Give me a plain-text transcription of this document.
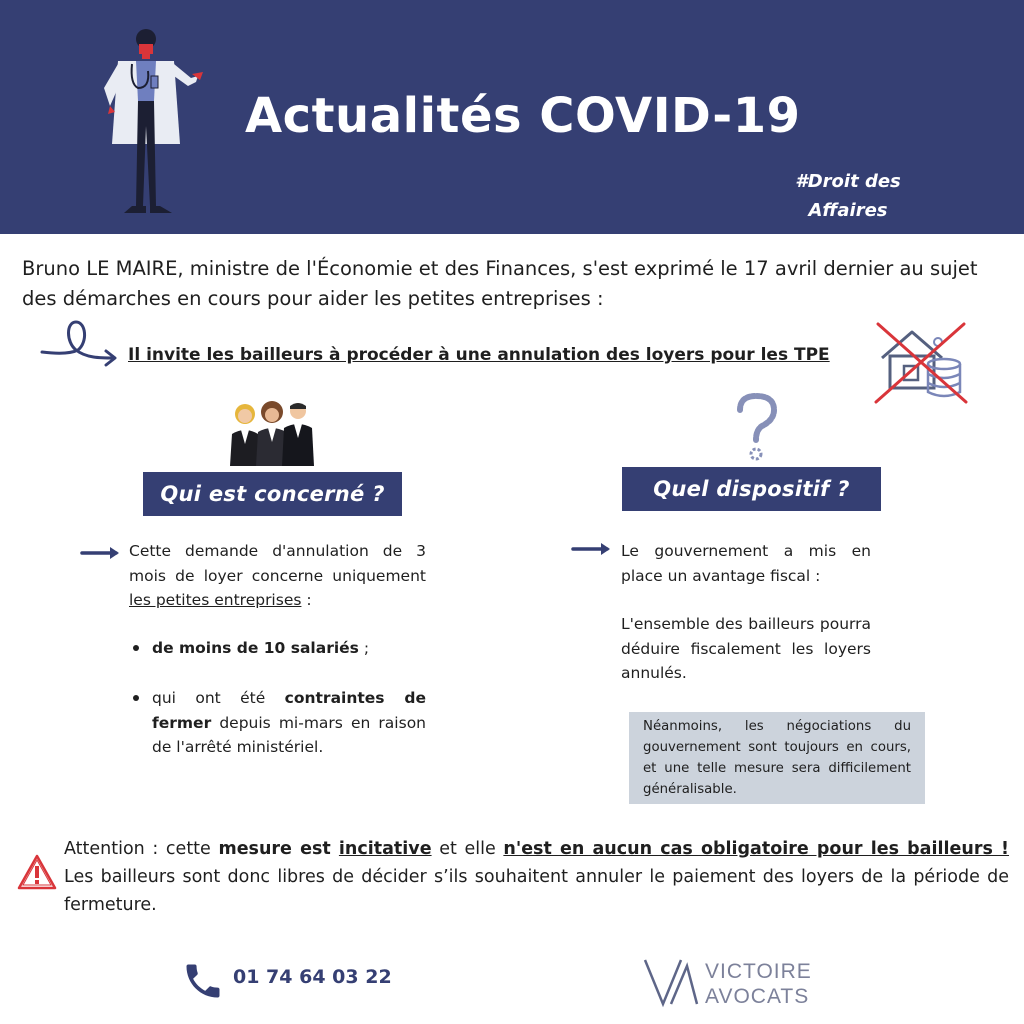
Actualités COVID-19
#Droit des
Affaires
Bruno LE MAIRE, ministre de l'Économie et des Finances, s'est exprimé le 17 avril dernier au sujet des démarches en cours pour aider les petites entreprises :
Il invite les bailleurs à procéder à une annulation des loyers pour les TPE
Qui est concerné ?	Quel dispositif ?
Cette demande d'annulation de 3 mois de loyer concerne uniquement les petites entreprises :
de moins de 10 salariés ;
qui ont été contraintes de fermer depuis mi-mars en raison de l'arrêté ministériel.
Le gouvernement a mis en place un avantage fiscal :
L'ensemble des bailleurs pourra déduire fiscalement les loyers annulés.
Néanmoins, les négociations du gouvernement sont toujours en cours, et une telle mesure sera difficilement généralisable.
Attention : cette mesure est incitative et elle n'est en aucun cas obligatoire pour les bailleurs ! Les bailleurs sont donc libres de décider s’ils souhaitent annuler le paiement des loyers de la période de fermeture.
01 74 64 03 22	VICTOIRE
AVOCATS
